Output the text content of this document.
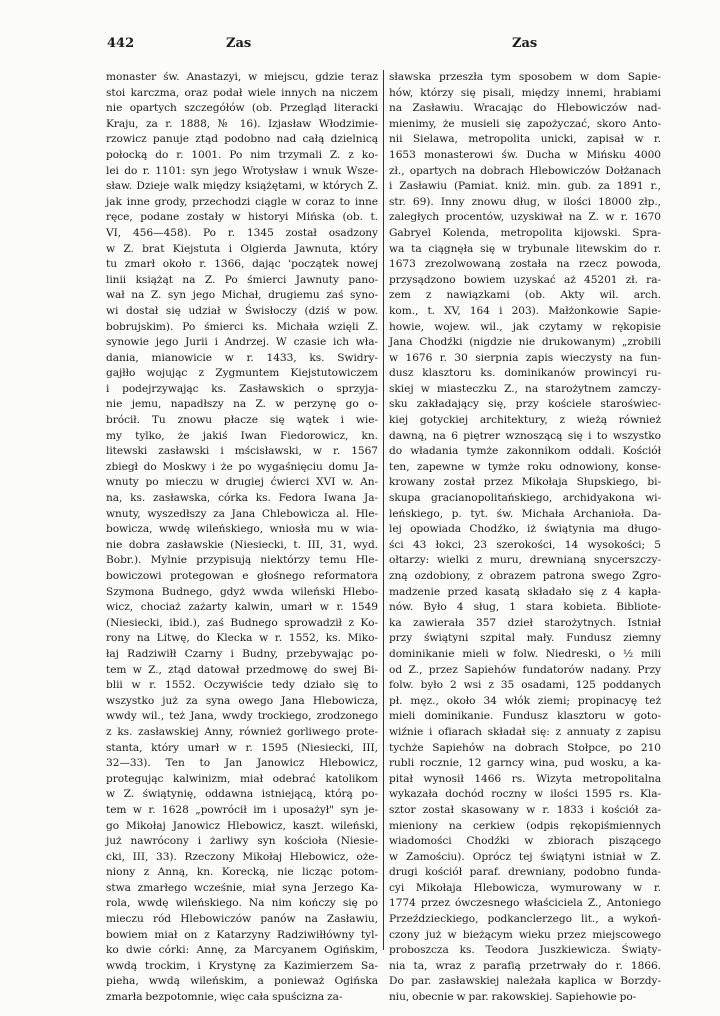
442	Zas	Zas
monaster św. Anastazyi, w miejscu, gdzie teraz
stoi karczma, oraz podał wiele innych na niczem
nie opartych szczegółów (ob. Przegląd literacki
Kraju, za r. 1888, № 16). Izjasław Włodzimie-
rzowicz panuje ztąd podobno nad całą dzielnicą
połocką do r. 1001. Po nim trzymali Z. z ko-
lei do r. 1101: syn jego Wrotysław i wnuk Wsze-
sław. Dzieje walk między książętami, w których Z.
jak inne grody, przechodzi ciągle w coraz to inne
ręce, podane zostały w historyi Mińska (ob. t.
VI, 456—458). Po r. 1345 został osadzony
w Z. brat Kiejstuta i Olgierda Jawnuta, który
tu zmarł około r. 1366, dając 'początek nowej
linii książąt na Z. Po śmierci Jawnuty pano-
wał na Z. syn jego Michał, drugiemu zaś syno-
wi dostał się udział w Świsłoczy (dziś w pow.
bobrujskim). Po śmierci ks. Michała wzięli Z.
synowie jego Jurii i Andrzej. W czasie ich wła-
dania, mianowicie w r. 1433, ks. Swidry-
gajłło wojując z Zygmuntem Kiejstutowiczem
i podejrzywając ks. Zasławskich o sprzyja-
nie jemu, napadłszy na Z. w perzynę go o-
brócił. Tu znowu płacze się wątek i wie-
my tylko, że jakiś Iwan Fiedorowicz, kn.
litewski zasławski i mścisławski, w r. 1567
zbiegł do Moskwy i że po wygaśnięciu domu Ja-
wnuty po mieczu w drugiej ćwierci XVI w. An-
na, ks. zasławska, córka ks. Fedora Iwana Ja-
wnuty, wyszedłszy za Jana Chlebowicza al. Hle-
bowicza, wwdę wileńskiego, wniosła mu w wia-
nie dobra zasławskie (Niesiecki, t. III, 31, wyd.
Bobr.). Mylnie przypisują niektórzy temu Hle-
bowiczowi protegowan e głośnego reformatora
Szymona Budnego, gdyż wwda wileński Hlebo-
wicz, chociaż zażarty kalwin, umarł w r. 1549
(Niesiecki, ibid.), zaś Budnego sprowadził z Ko-
rony na Litwę, do Klecka w r. 1552, ks. Miko-
łaj Radziwiłł Czarny i Budny, przebywając po-
tem w Z., ztąd datował przedmowę do swej Bi-
blii w r. 1552. Oczywiście tedy działo się to
wszystko już za syna owego Jana Hlebowicza,
wwdy wil., też Jana, wwdy trockiego, zrodzonego
z ks. zasławskiej Anny, również gorliwego prote-
stanta, który umarł w r. 1595 (Niesiecki, III,
32—33). Ten to Jan Janowicz Hlebowicz,
protegując kalwinizm, miał odebrać katolikom
w Z. świątynię, oddawna istniejącą, którą po-
tem w r. 1628 „powrócił im i uposażył" syn je-
go Mikołaj Janowicz Hlebowicz, kaszt. wileński,
już nawrócony i żarliwy syn kościoła (Niesie-
cki, III, 33). Rzeczony Mikołaj Hlebowicz, oże-
niony z Anną, kn. Korecką, nie licząc potom-
stwa zmarłego wcześnie, miał syna Jerzego Ka-
rola, wwdę wileńskiego. Na nim kończy się po
mieczu ród Hlebowiczów panów na Zasławiu,
bowiem miał on z Katarzyny Radziwiłłówny tyl-
ko dwie córki: Annę, za Marcyanem Ogińskim,
wwdą trockim, i Krystynę za Kazimierzem Sa-
pieha, wwdą wileńskim, a ponieważ Ogińska
zmarła bezpotomnie, więc cała spuścizna za-
sławska przeszła tym sposobem w dom Sapie-
hów, którzy się pisali, między innemi, hrabiami
na Zasławiu. Wracając do Hlebowiczów nad-
mienimy, że musieli się zapożyczać, skoro Anto-
nii Sielawa, metropolita unicki, zapisał w r.
1653 monasterowi św. Ducha w Mińsku 4000
zł., opartych na dobrach Hlebowiczów Dołżanach
i Zasławiu (Pamiat. kniż. min. gub. za 1891 r.,
str. 69). Inny znowu dług, w ilości 18000 złp.,
zaległych procentów, uzyskiwał na Z. w r. 1670
Gabryel Kolenda, metropolita kijowski. Spra-
wa ta ciągnęła się w trybunale litewskim do r.
1673 zrezolwowaną została na rzecz powoda,
przysądzono bowiem uzyskać aż 45201 zł. ra-
zem z nawiązkami (ob. Akty wil. arch.
kom., t. XV, 164 i 203). Małżonkowie Sapie-
howie, wojew. wil., jak czytamy w rękopisie
Jana Chodźki (nigdzie nie drukowanym) „zrobili
w 1676 r. 30 sierpnia zapis wieczysty na fun-
dusz klasztoru ks. dominikanów prowincyi ru-
skiej w miasteczku Z., na starożytnem zamczy-
sku zakładający się, przy kościele staroświec-
kiej gotyckiej architektury, z wieżą również
dawną, na 6 piętrer wznoszącą się i to wszystko
do władania tymże zakonnikom oddali. Kościół
ten, zapewne w tymże roku odnowiony, konse-
krowany został przez Mikołaja Słupskiego, bi-
skupa gracianopolitańskiego, archidyakona wi-
leńskiego, p. tyt. św. Michała Archanioła. Da-
lej opowiada Chodźko, iż świątynia ma długo-
ści 43 łokci, 23 szerokości, 14 wysokości; 5
ołtarzy: wielki z muru, drewnianą snycerszczy-
zną ozdobiony, z obrazem patrona swego Zgro-
madzenie przed kasatą składało się z 4 kapła-
nów. Było 4 sług, 1 stara kobieta. Bibliote-
ka zawierała 357 dzieł starożytnych. Istniał
przy świątyni szpital mały. Fundusz ziemny
dominikanie mieli w folw. Niedreski, o ½ mili
od Z., przez Sapiehów fundatorów nadany. Przy
folw. było 2 wsi z 35 osadami, 125 poddanych
pł. męz., około 34 włók ziemi; propinacyę też
mieli dominikanie. Fundusz klasztoru w goto-
wiźnie i ofiarach składał się: z annuaty z zapisu
tychże Sapiehów na dobrach Stołpce, po 210
rubli rocznie, 12 garncy wina, pud wosku, a ka-
pitał wynosił 1466 rs. Wizyta metropolitalna
wykazała dochód roczny w ilości 1595 rs. Kla-
sztor został skasowany w r. 1833 i kościół za-
mieniony na cerkiew (odpis rękopiśmiennych
wiadomości Chodźki w zbiorach piszącego
w Zamościu). Oprócz tej świątyni istniał w Z.
drugi kościół paraf. drewniany, podobno funda-
cyi Mikołaja Hlebowicza, wymurowany w r.
1774 przez ówczesnego właściciela Z., Antoniego
Przeździeckiego, podkanclerzego lit., a wykoń-
czony już w bieżącym wieku przez miejscowego
proboszcza ks. Teodora Juszkiewicza. Świąty-
nia ta, wraz z parafią przetrwały do r. 1866.
Do par. zasławskiej należała kaplica w Borzdy-
niu, obecnie w par. rakowskiej. Sapiehowie po-
